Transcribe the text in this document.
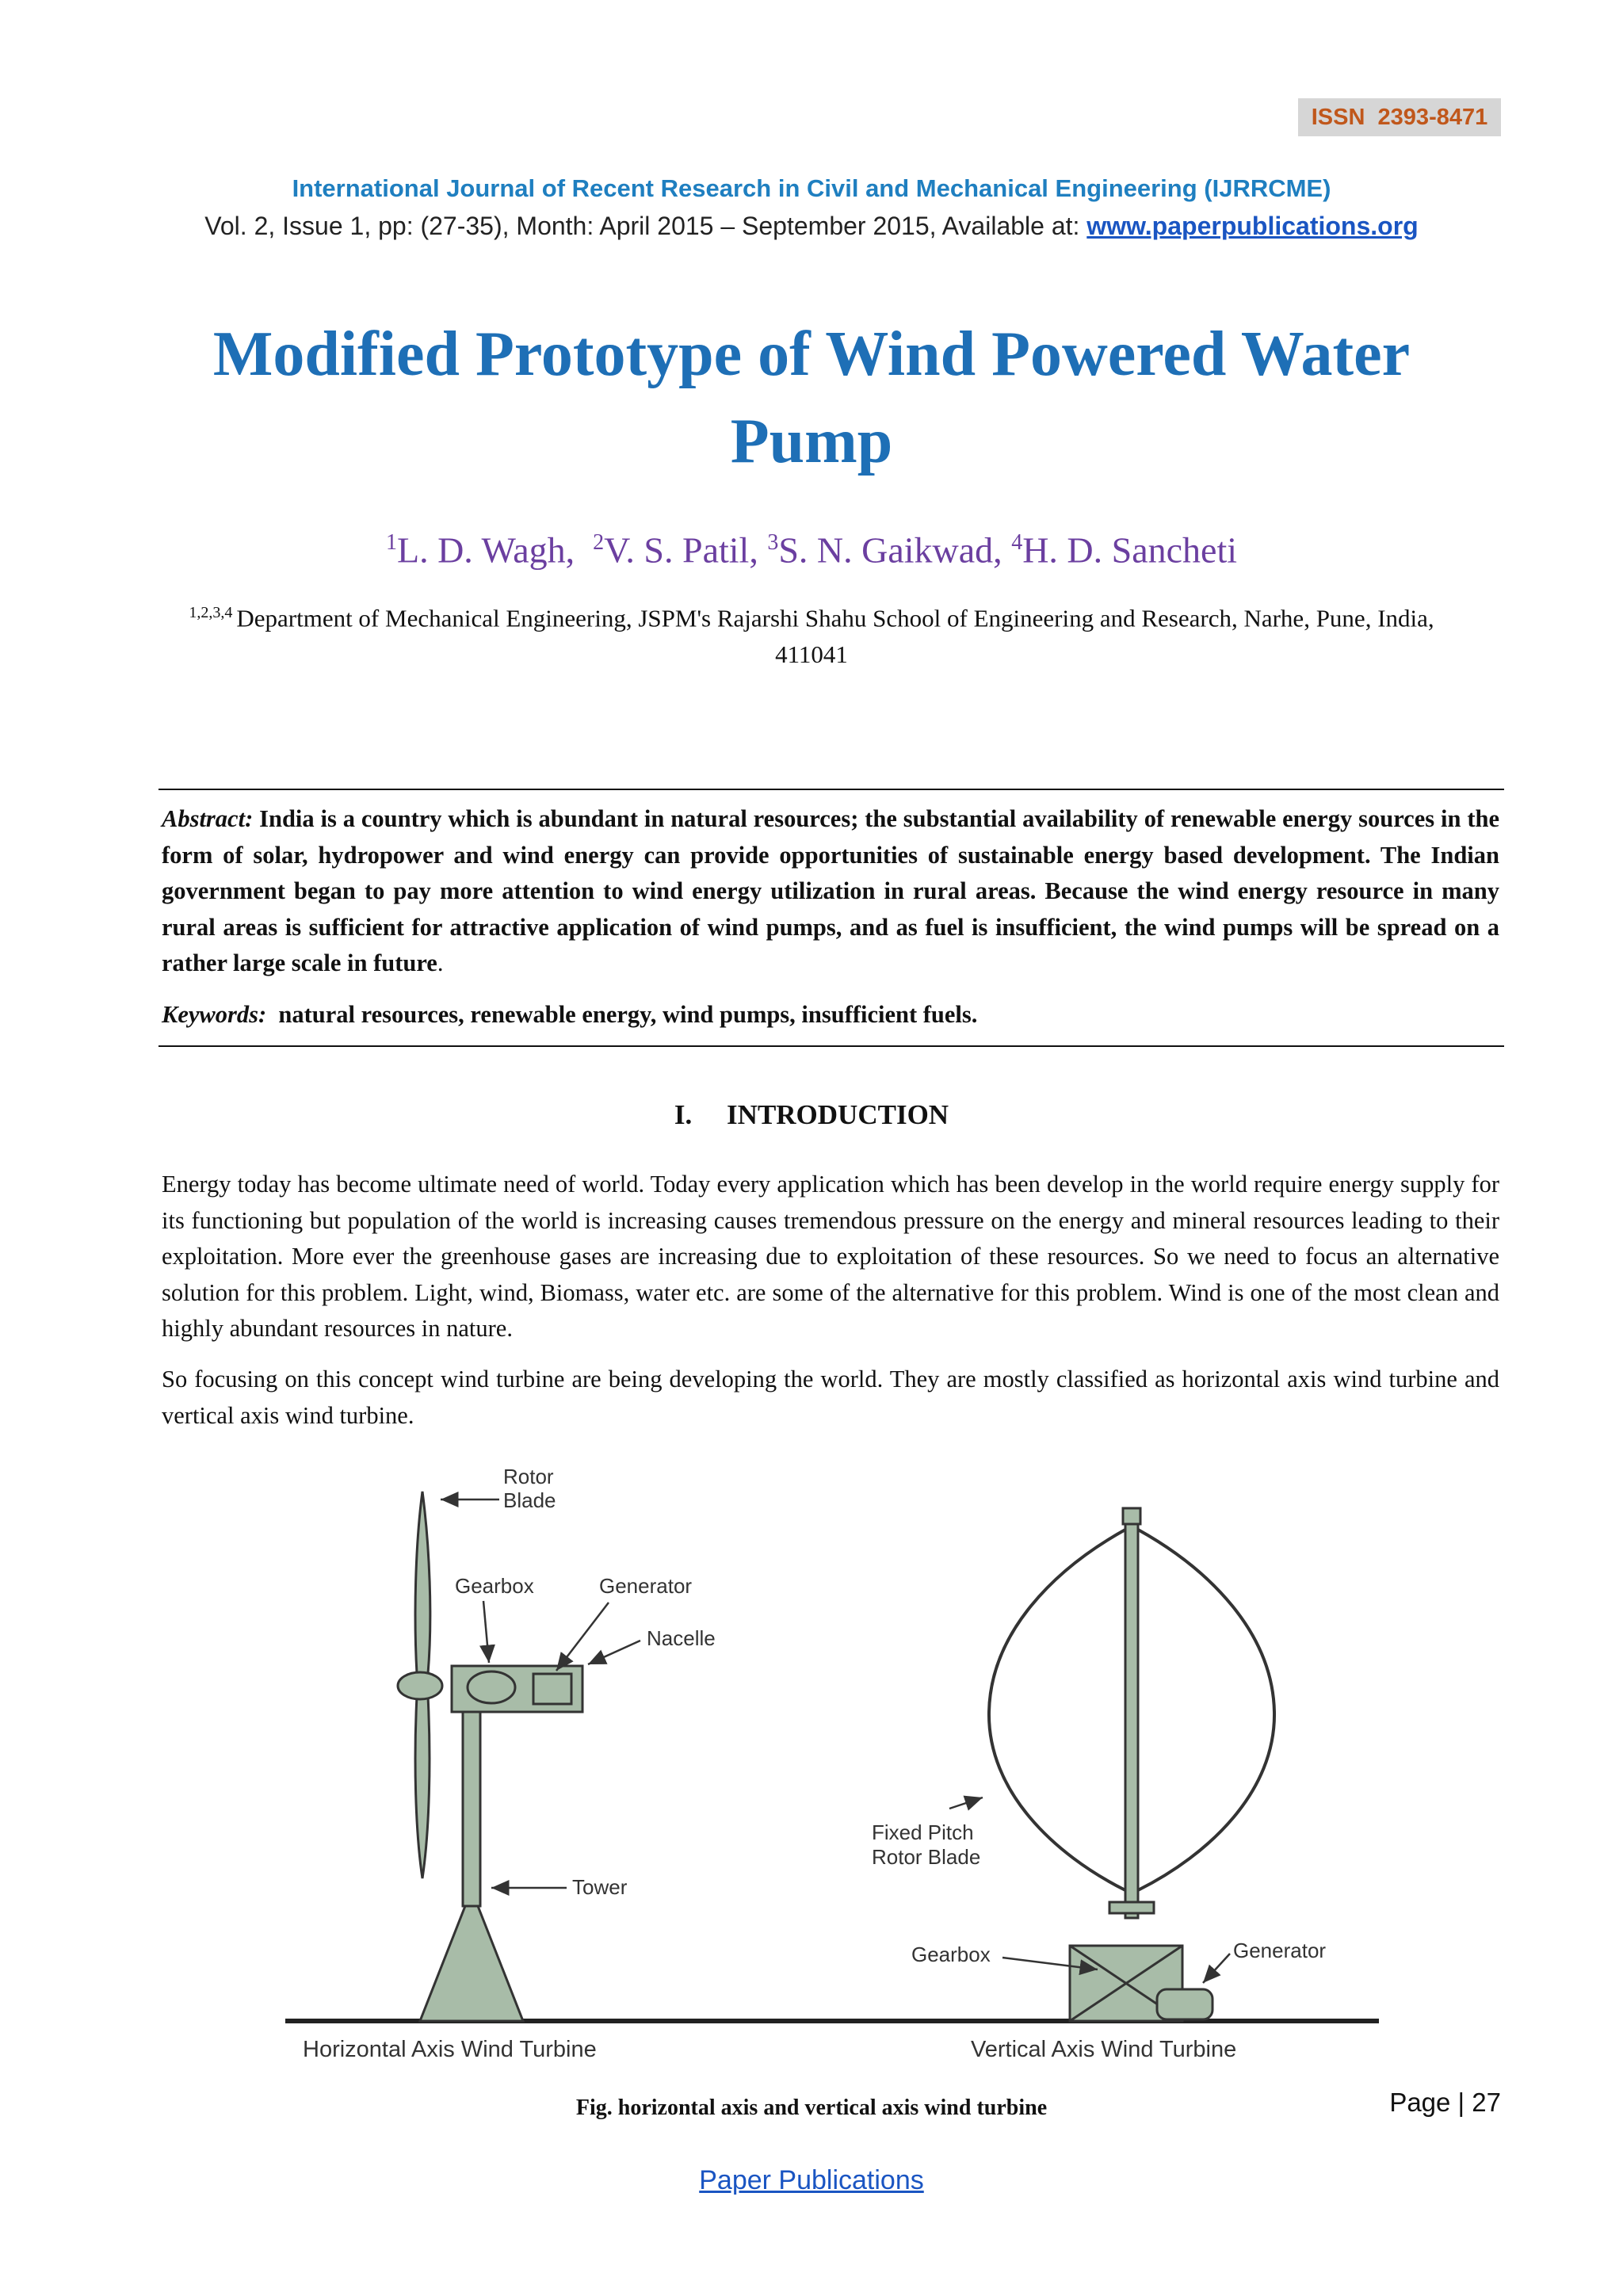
ISSN  2393-8471
International Journal of Recent Research in Civil and Mechanical Engineering (IJRRCME)
Vol. 2, Issue 1, pp: (27-35), Month: April 2015 – September 2015, Available at: www.paperpublications.org
Modified Prototype of Wind Powered Water Pump
$^1$L. D. Wagh,  $^2$V. S. Patil, $^3$S. N. Gaikwad, $^4$H. D. Sancheti
$^{1,2,3,4}$ Department of Mechanical Engineering, JSPM's Rajarshi Shahu School of Engineering and Research, Narhe, Pune, India, 411041
Abstract: India is a country which is abundant in natural resources; the substantial availability of renewable energy sources in the form of solar, hydropower and wind energy can provide opportunities of sustainable energy based development. The Indian government began to pay more attention to wind energy utilization in rural areas. Because the wind energy resource in many rural areas is sufficient for attractive application of wind pumps, and as fuel is insufficient, the wind pumps will be spread on a rather large scale in future.
Keywords:  natural resources, renewable energy, wind pumps, insufficient fuels.
I.     INTRODUCTION
Energy today has become ultimate need of world. Today every application which has been develop in the world require energy supply for its functioning but population of the world is increasing causes tremendous pressure on the energy and mineral resources leading to their exploitation. More ever the greenhouse gases are increasing due to exploitation of these resources. So we need to focus an alternative solution for this problem. Light, wind, Biomass, water etc. are some of the alternative for this problem. Wind is one of the most clean and highly abundant resources in nature.
So focusing on this concept wind turbine are being developing the world. They are mostly classified as horizontal axis wind turbine and vertical axis wind turbine.
Rotor
Blade
Gearbox	Generator
Nacelle
Tower
Fixed Pitch
Rotor Blade
Gearbox	Generator
Horizontal Axis Wind Turbine	Vertical Axis Wind Turbine
Fig. horizontal axis and vertical axis wind turbine	Page | 27
Paper Publications
